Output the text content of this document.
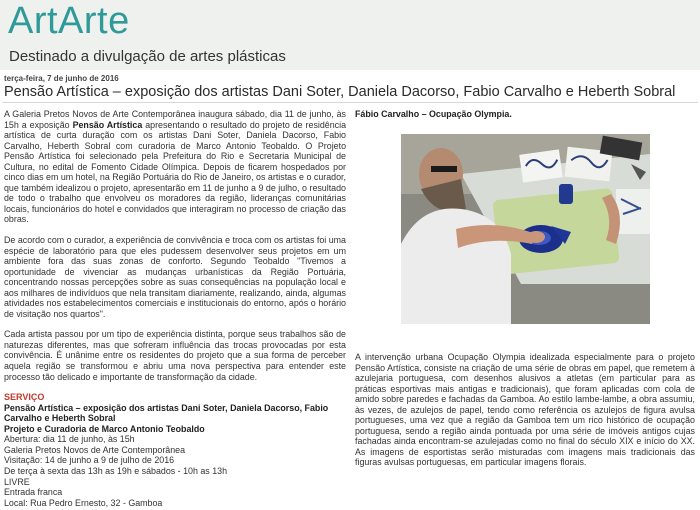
ArtArte
Destinado a divulgação de artes plásticas
terça-feira, 7 de junho de 2016
Pensão Artística – exposição dos artistas Dani Soter, Daniela Dacorso, Fabio Carvalho e Heberth Sobral

A Galeria Pretos Novos de Arte Contemporânea inaugura sábado, dia 11 de junho, às 15h a exposição Pensão Artística apresentando o resultado do projeto de residência artística de curta duração com os artistas Dani Soter, Daniela Dacorso, Fabio Carvalho, Heberth Sobral com curadoria de Marco Antonio Teobaldo. O Projeto Pensão Artística foi selecionado pela Prefeitura do Rio e Secretaria Municipal de Cultura, no edital de Fomento Cidade Olímpica. Depois de ficarem hospedados por cinco dias em um hotel, na Região Portuária do Rio de Janeiro, os artistas e o curador, que também idealizou o projeto, apresentarão em 11 de junho a 9 de julho, o resultado de todo o trabalho que envolveu os moradores da região, lideranças comunitárias locais, funcionários do hotel e convidados que interagiram no processo de criação das obras.

De acordo com o curador, a experiência de convivência e troca com os artistas foi uma espécie de laboratório para que eles pudessem desenvolver seus projetos em um ambiente fora das suas zonas de conforto. Segundo Teobaldo "Tivemos a oportunidade de vivenciar as mudanças urbanísticas da Região Portuária, concentrando nossas percepções sobre as suas consequências na população local e aos milhares de indivíduos que nela transitam diariamente, realizando, ainda, algumas atividades nos estabelecimentos comerciais e institucionais do entorno, após o horário de visitação nos quartos".

Cada artista passou por um tipo de experiência distinta, porque seus trabalhos são de naturezas diferentes, mas que sofreram influência das trocas provocadas por esta convivência. É unânime entre os residentes do projeto que a sua forma de perceber aquela região se transformou e abriu uma nova perspectiva para entender este processo tão delicado e importante de transformação da cidade.

SERVIÇO
Pensão Artística – exposição dos artistas Dani Soter, Daniela Dacorso, Fabio Carvalho e Heberth Sobral
Projeto e Curadoria de Marco Antonio Teobaldo
Abertura: dia 11 de junho, às 15h
Galeria Pretos Novos de Arte Contemporânea
Visitação: 14 de junho a 9 de julho de 2016
De terça à sexta das 13h as 19h e sábados - 10h as 13h
LIVRE
Entrada franca
Local: Rua Pedro Ernesto, 32 - Gamboa
Fábio Carvalho – Ocupação Olympia.
A intervenção urbana Ocupação Olympia idealizada especialmente para o projeto Pensão Artística, consiste na criação de uma série de obras em papel, que remetem à azulejaria portuguesa, com desenhos alusivos a atletas (em particular para as práticas esportivas mais antigas e tradicionais), que foram aplicadas com cola de amido sobre paredes e fachadas da Gamboa. Ao estilo lambe-lambe, a obra assumiu, às vezes, de azulejos de papel, tendo como referência os azulejos de figura avulsa portugueses, uma vez que a região da Gamboa tem um rico histórico de ocupação portuguesa, sendo a região ainda pontuada por uma série de imóveis antigos cujas fachadas ainda encontram-se azulejadas como no final do século XIX e início do XX. As imagens de esportistas serão misturadas com imagens mais tradicionais das figuras avulsas portuguesas, em particular imagens florais.
